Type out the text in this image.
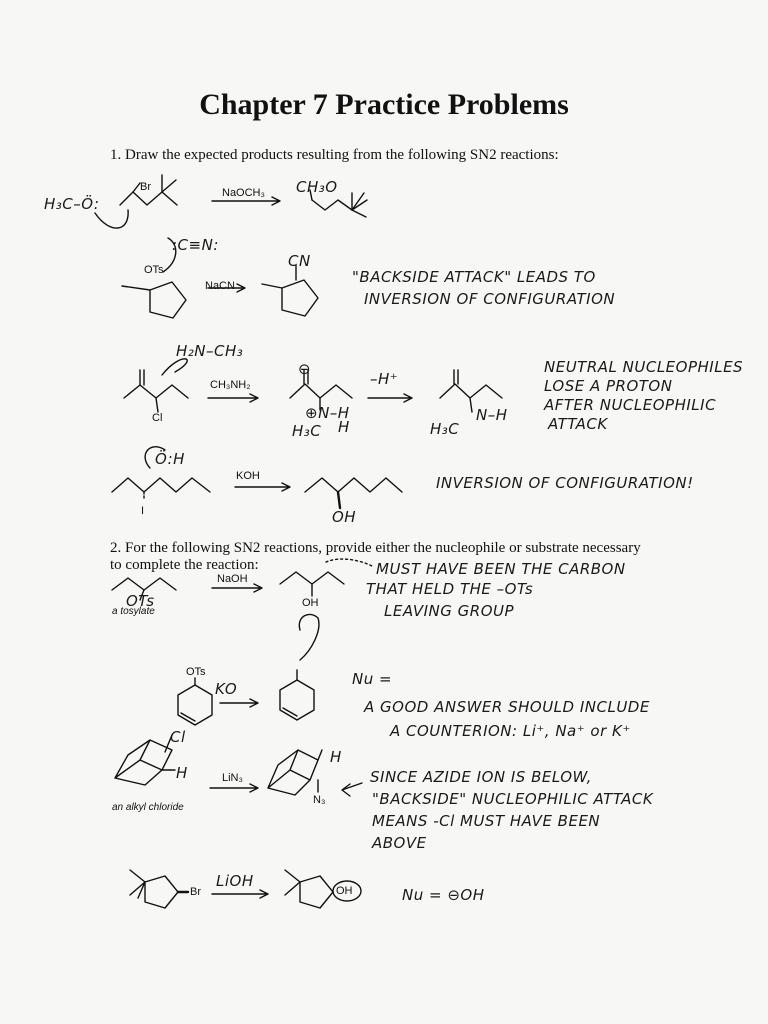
Chapter 7 Practice Problems
1. Draw the expected products resulting from the following SN2 reactions:
2. For the following SN2 reactions, provide either the nucleophile or substrate necessary
to complete the reaction:
NaOCH₃
NaCN
CH₃NH₂
KOH
NaOH
LiN₃
Br
H₃C–Ö:
CH₃O
:C≡N:
OTs	CN
H₂N–CH₃
Cl
–H⁺
⊖
⊕N–H
H₃C H
N–H
H₃C
Ö:H
I	OH
OTs	OH
OTs
KO
Cl
H
H
N₃
Br
LiOH
OH
a tosylate
an alkyl chloride
"BACKSIDE ATTACK" LEADS TO
INVERSION OF CONFIGURATION
NEUTRAL NUCLEOPHILES
LOSE A PROTON
AFTER NUCLEOPHILIC
ATTACK
INVERSION OF CONFIGURATION!
MUST HAVE BEEN THE CARBON
THAT HELD THE –OTs
LEAVING GROUP
Nu =
A GOOD ANSWER SHOULD INCLUDE
A COUNTERION: Li⁺, Na⁺ or K⁺
SINCE AZIDE ION IS BELOW,
"BACKSIDE" NUCLEOPHILIC ATTACK
MEANS -Cl MUST HAVE BEEN
ABOVE
Nu = ⊖OH
